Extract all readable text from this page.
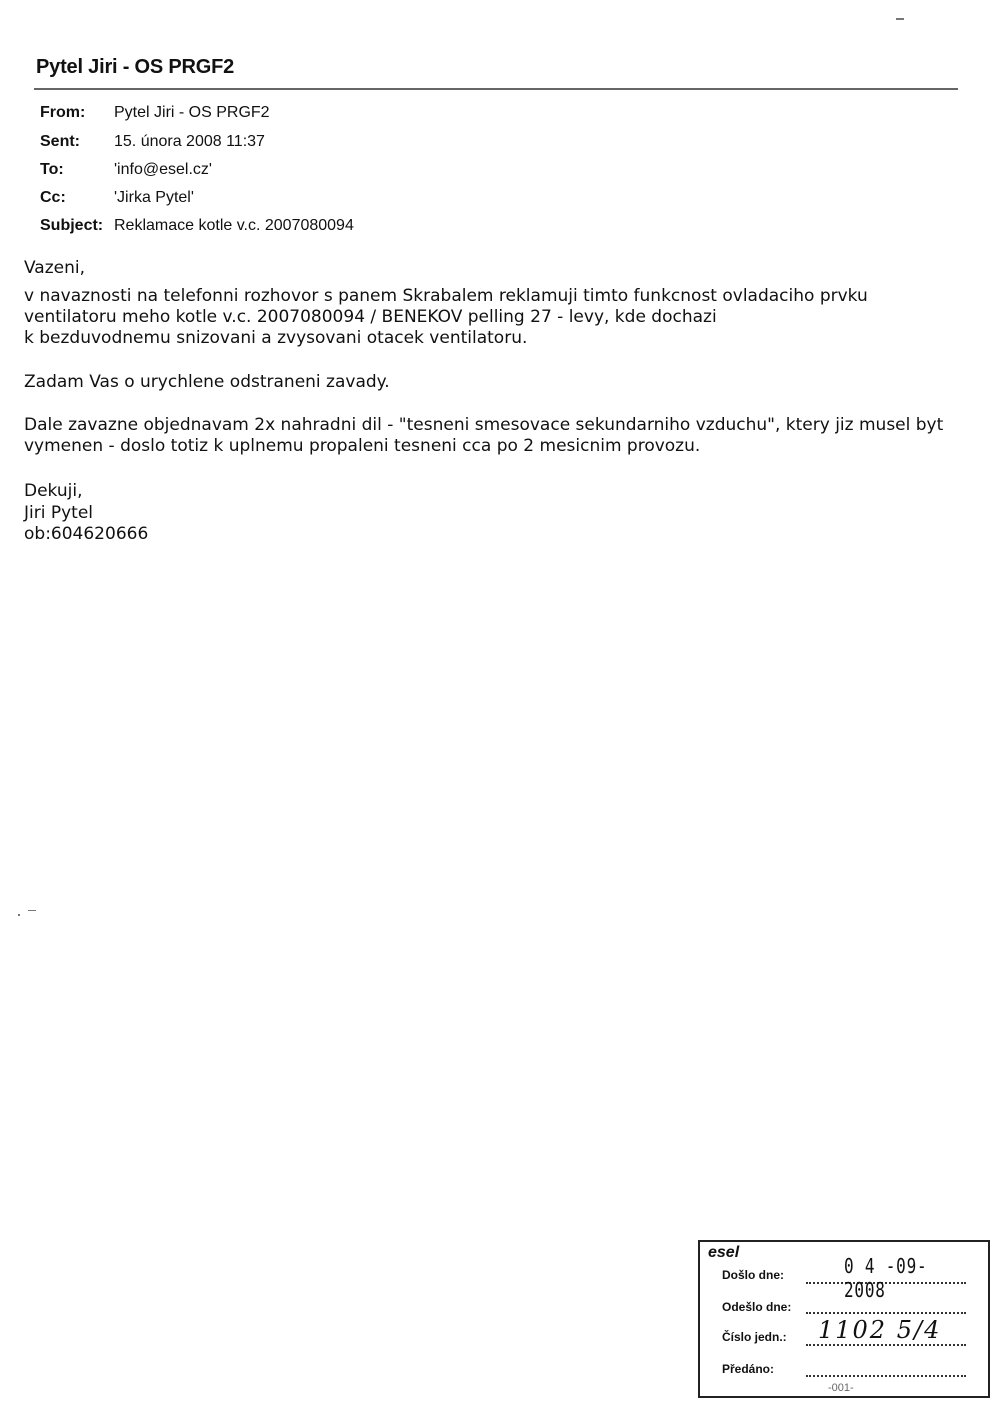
Pytel Jiri - OS PRGF2
From: Pytel Jiri - OS PRGF2
Sent: 15. února 2008 11:37
To:	'info@esel.cz'
Cc:	'Jirka Pytel'
Subject: Reklamace kotle v.c. 2007080094
Vazeni,
v navaznosti na telefonni rozhovor s panem Skrabalem reklamuji timto funkcnost ovladaciho prvku
ventilatoru meho kotle v.c. 2007080094 / BENEKOV pelling 27 - levy, kde dochazi
k bezduvodnemu snizovani a zvysovani otacek ventilatoru.
Zadam Vas o urychlene odstraneni zavady.
Dale zavazne objednavam 2x nahradni dil - "tesneni smesovace sekundarniho vzduchu", ktery jiz musel byt
vymenen - doslo totiz k uplnemu propaleni tesneni cca po 2 mesicnim provozu.
Dekuji,
Jiri Pytel
ob:604620666
esel
Došlo dne:	0 4 -09- 2008
Odešlo dne:
Číslo jedn.: 1102 5/4
Předáno:
-001-
